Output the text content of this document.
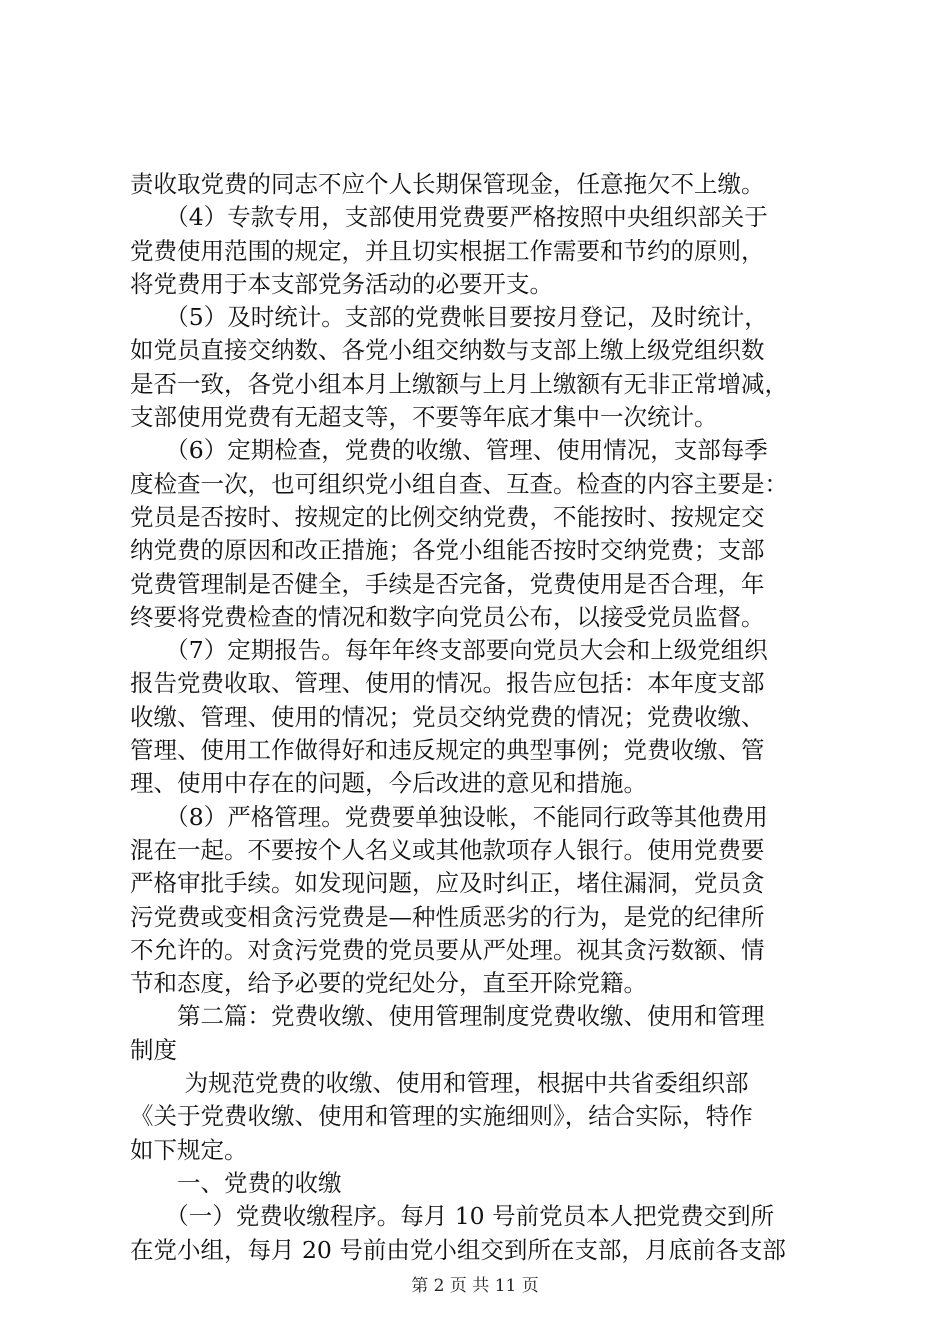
责收取党费的同志不应个人长期保管现金，任意拖欠不上缴。
　　（4）专款专用，支部使用党费要严格按照中央组织部关于
党费使用范围的规定，并且切实根据工作需要和节约的原则，
将党费用于本支部党务活动的必要开支。
　　（5）及时统计。支部的党费帐目要按月登记，及时统计，
如党员直接交纳数、各党小组交纳数与支部上缴上级党组织数
是否一致，各党小组本月上缴额与上月上缴额有无非正常增减，
支部使用党费有无超支等，不要等年底才集中一次统计。
　　（6）定期检查，党费的收缴、管理、使用情况，支部每季
度检查一次，也可组织党小组自查、互查。检查的内容主要是：
党员是否按时、按规定的比例交纳党费，不能按时、按规定交
纳党费的原因和改正措施；各党小组能否按时交纳党费；支部
党费管理制是否健全，手续是否完备，党费使用是否合理，年
终要将党费检查的情况和数字向党员公布，以接受党员监督。
　　（7）定期报告。每年年终支部要向党员大会和上级党组织
报告党费收取、管理、使用的情况。报告应包括：本年度支部
收缴、管理、使用的情况；党员交纳党费的情况；党费收缴、
管理、使用工作做得好和违反规定的典型事例；党费收缴、管
理、使用中存在的问题，今后改进的意见和措施。
　　（8）严格管理。党费要单独设帐，不能同行政等其他费用
混在一起。不要按个人名义或其他款项存人银行。使用党费要
严格审批手续。如发现问题，应及时纠正，堵住漏洞，党员贪
污党费或变相贪污党费是—种性质恶劣的行为，是党的纪律所
不允许的。对贪污党费的党员要从严处理。视其贪污数额、情
节和态度，给予必要的党纪处分，直至开除党籍。
　　第二篇：党费收缴、使用管理制度党费收缴、使用和管理
制度
　　 为规范党费的收缴、使用和管理，根据中共省委组织部
《关于党费收缴、使用和管理的实施细则》，结合实际，特作
如下规定。
　　一、党费的收缴
　　（一）党费收缴程序。每月 10 号前党员本人把党费交到所
在党小组，每月 20 号前由党小组交到所在支部，月底前各支部
第 2 页 共 11 页
